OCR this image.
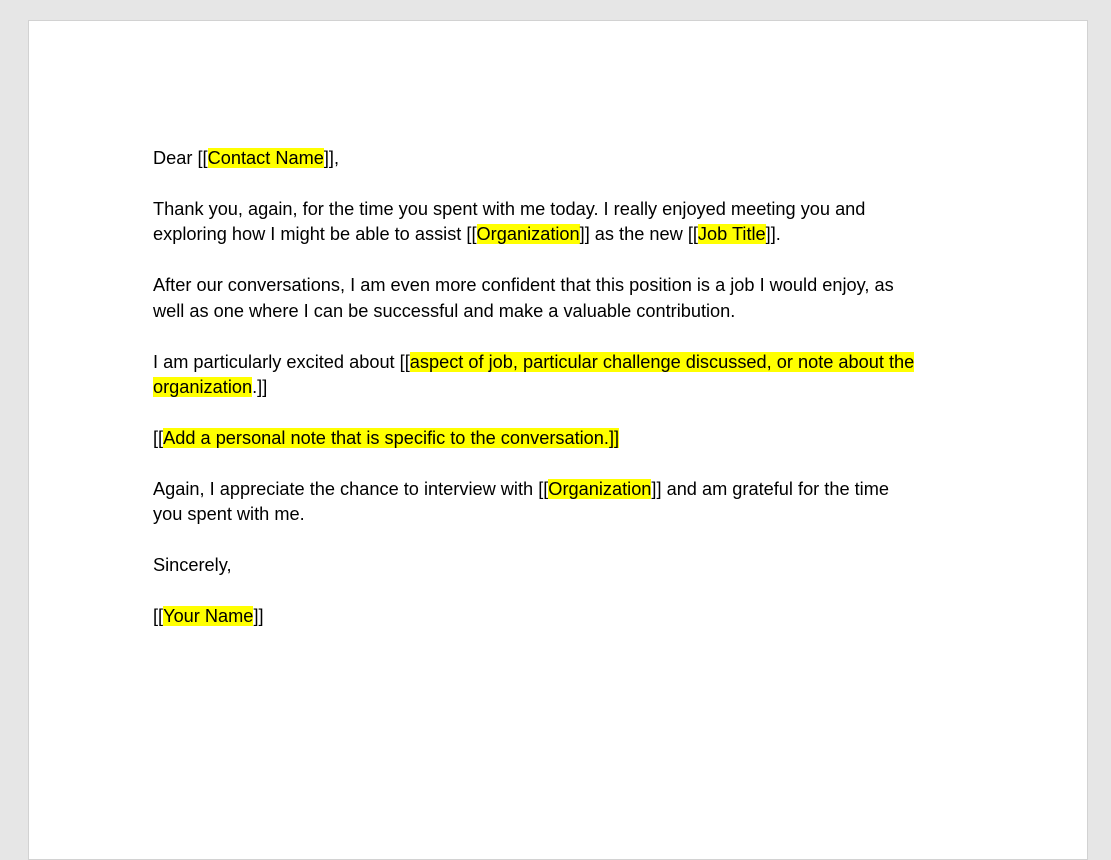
Dear [[Contact Name]],
Thank you, again, for the time you spent with me today. I really enjoyed meeting you and
exploring how I might be able to assist [[Organization]] as the new [[Job Title]].
After our conversations, I am even more confident that this position is a job I would enjoy, as
well as one where I can be successful and make a valuable contribution.
I am particularly excited about [[aspect of job, particular challenge discussed, or note about the
organization.]]
[[Add a personal note that is specific to the conversation.]]
Again, I appreciate the chance to interview with [[Organization]] and am grateful for the time
you spent with me.
Sincerely,
[[Your Name]]
